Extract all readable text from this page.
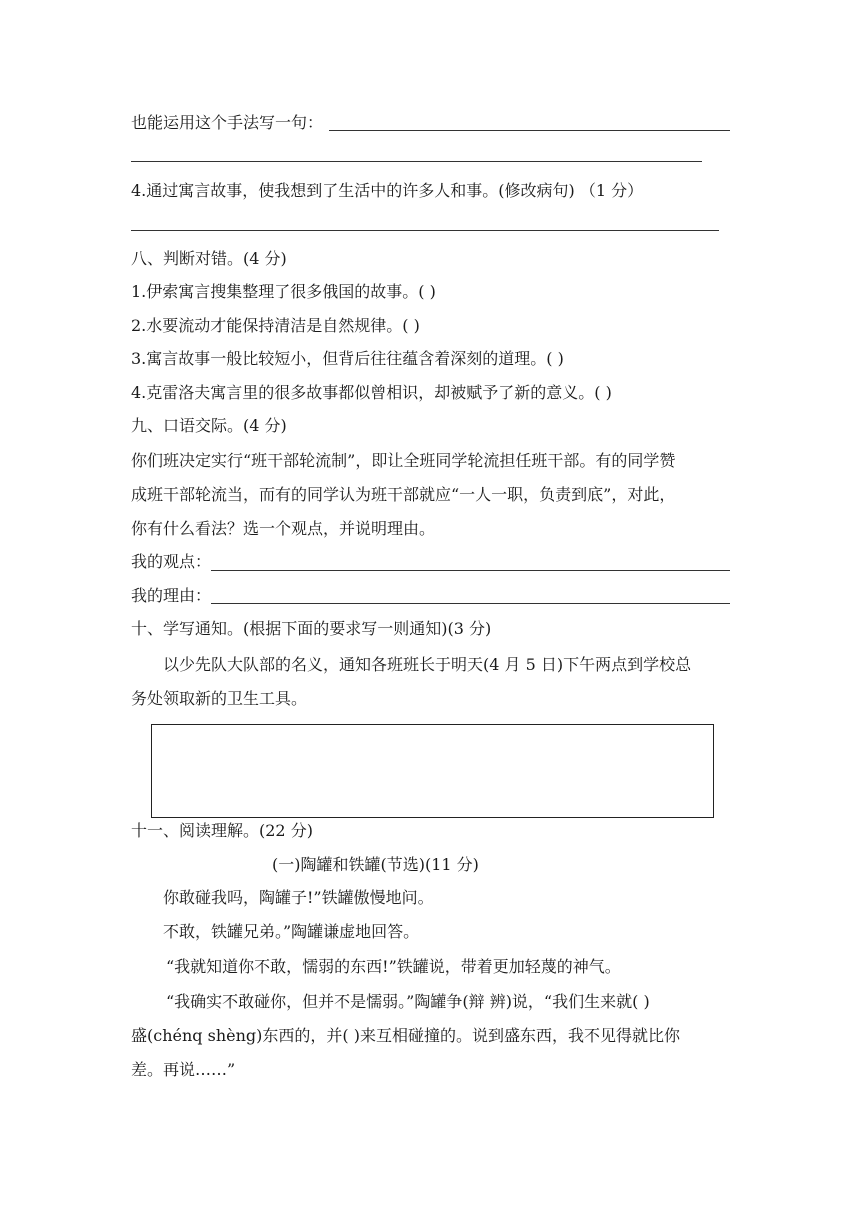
也能运用这个手法写一句：
4.通过寓言故事，使我想到了生活中的许多人和事。(修改病句) （1 分）
八、判断对错。(4 分)
1.伊索寓言搜集整理了很多俄国的故事。( )
2.水要流动才能保持清洁是自然规律。( )
3.寓言故事一般比较短小，但背后往往蕴含着深刻的道理。( )
4.克雷洛夫寓言里的很多故事都似曾相识，却被赋予了新的意义。( )
九、口语交际。(4 分)
你们班决定实行“班干部轮流制”，即让全班同学轮流担任班干部。有的同学赞
成班干部轮流当，而有的同学认为班干部就应“一人一职，负责到底”，对此，
你有什么看法？选一个观点，并说明理由。
我的观点：
我的理由：
十、学写通知。(根据下面的要求写一则通知)(3 分)
以少先队大队部的名义，通知各班班长于明天(4 月 5 日)下午两点到学校总
务处领取新的卫生工具。
十一、阅读理解。(22 分)
(一)陶罐和铁罐(节选)(11 分)
你敢碰我吗，陶罐子!”铁罐傲慢地问。
不敢，铁罐兄弟。”陶罐谦虚地回答。
“我就知道你不敢，懦弱的东西!”铁罐说，带着更加轻蔑的神气。
“我确实不敢碰你，但并不是懦弱。”陶罐争(辩 辨)说，“我们生来就( )
盛(chénq shèng)东西的，并( )来互相碰撞的。说到盛东西，我不见得就比你
差。再说……”
